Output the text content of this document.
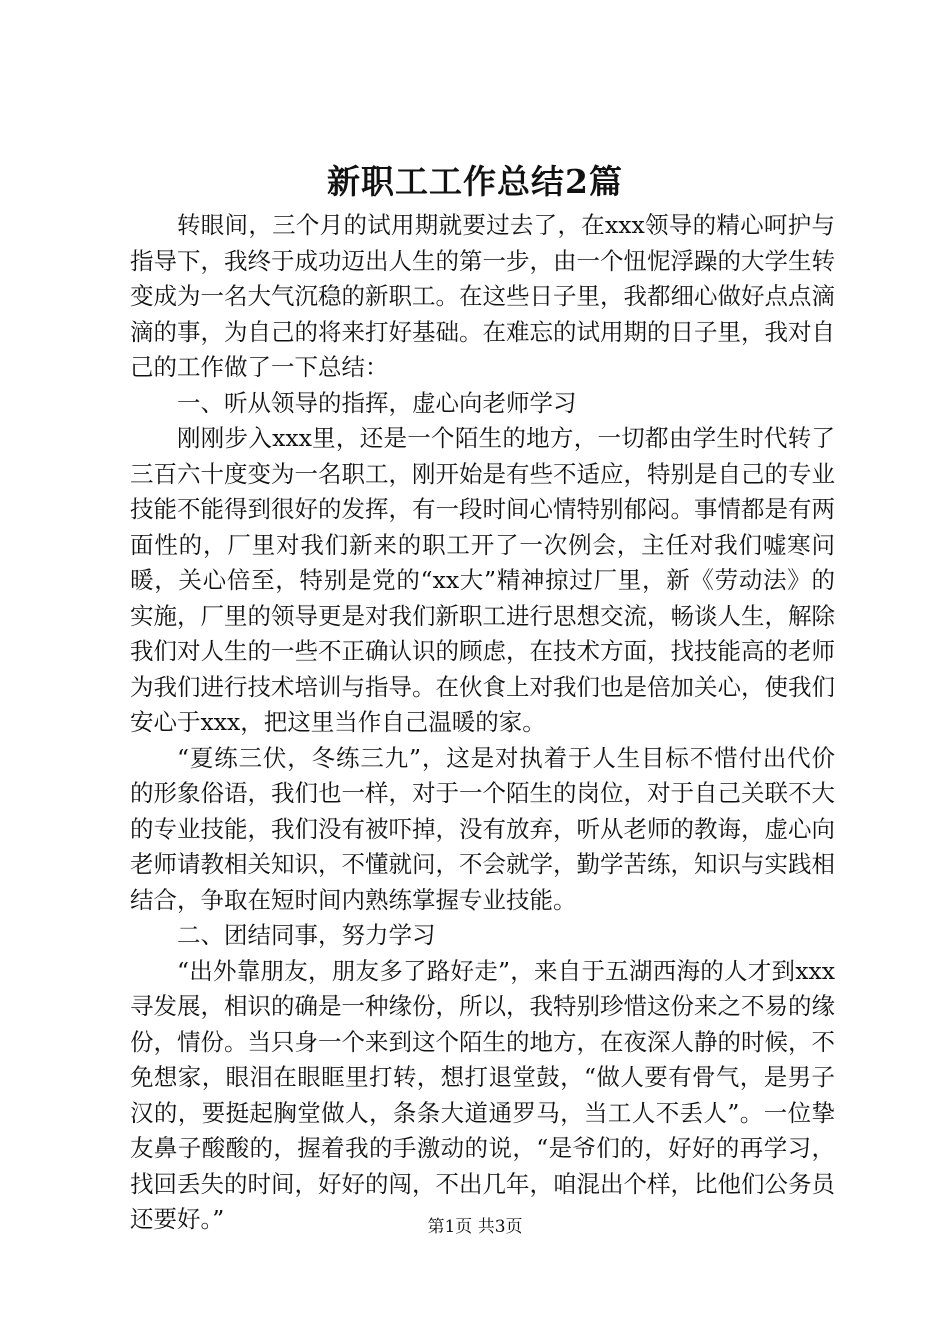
新职工工作总结2篇

转眼间，三个月的试用期就要过去了，在xxx领导的精心呵护与指导下，我终于成功迈出人生的第一步，由一个忸怩浮躁的大学生转变成为一名大气沉稳的新职工。在这些日子里，我都细心做好点点滴滴的事，为自己的将来打好基础。在难忘的试用期的日子里，我对自己的工作做了一下总结：

一、听从领导的指挥，虚心向老师学习

刚刚步入xxx里，还是一个陌生的地方，一切都由学生时代转了三百六十度变为一名职工，刚开始是有些不适应，特别是自己的专业技能不能得到很好的发挥，有一段时间心情特别郁闷。事情都是有两面性的，厂里对我们新来的职工开了一次例会，主任对我们嘘寒问暖，关心倍至，特别是党的“xx大”精神掠过厂里，新《劳动法》的实施，厂里的领导更是对我们新职工进行思想交流，畅谈人生，解除我们对人生的一些不正确认识的顾虑，在技术方面，找技能高的老师为我们进行技术培训与指导。在伙食上对我们也是倍加关心，使我们安心于xxx，把这里当作自己温暖的家。

“夏练三伏，冬练三九”，这是对执着于人生目标不惜付出代价的形象俗语，我们也一样，对于一个陌生的岗位，对于自己关联不大的专业技能，我们没有被吓掉，没有放弃，听从老师的教诲，虚心向老师请教相关知识，不懂就问，不会就学，勤学苦练，知识与实践相结合，争取在短时间内熟练掌握专业技能。

二、团结同事，努力学习

“出外靠朋友，朋友多了路好走”，来自于五湖西海的人才到xxx寻发展，相识的确是一种缘份，所以，我特别珍惜这份来之不易的缘份，情份。当只身一个来到这个陌生的地方，在夜深人静的时候，不免想家，眼泪在眼眶里打转，想打退堂鼓，“做人要有骨气，是男子汉的，要挺起胸堂做人，条条大道通罗马，当工人不丢人”。一位挚友鼻子酸酸的，握着我的手激动的说，“是爷们的，好好的再学习，找回丢失的时间，好好的闯，不出几年，咱混出个样，比他们公务员还要好。”	第1页 共3页
